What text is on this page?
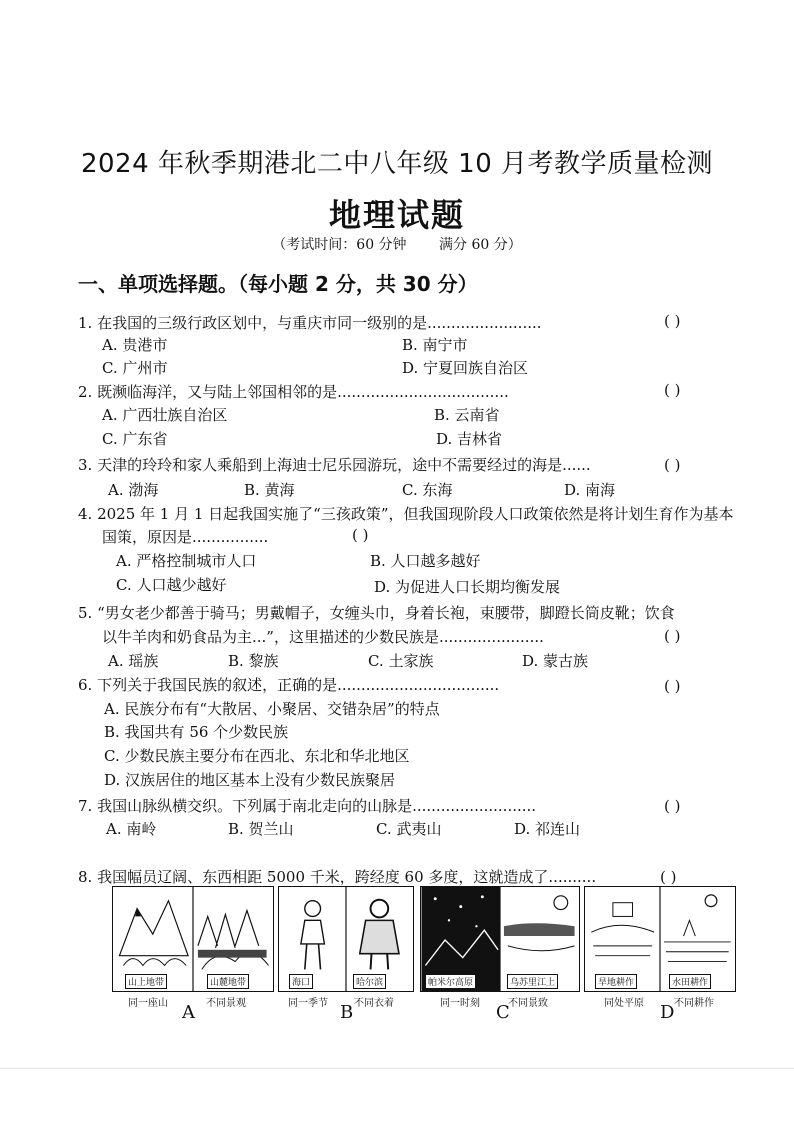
2024 年秋季期港北二中八年级 10 月考教学质量检测
地理试题
（考试时间：60 分钟 满分 60 分）
一、单项选择题。（每小题 2 分，共 30 分）
1. 在我国的三级行政区划中，与重庆市同一级别的是........................	( )
A. 贵港市	B. 南宁市
C. 广州市	D. 宁夏回族自治区
2. 既濒临海洋，又与陆上邻国相邻的是....................................	( )
A. 广西壮族自治区	B. 云南省
C. 广东省	D. 吉林省
3. 天津的玲玲和家人乘船到上海迪士尼乐园游玩，途中不需要经过的海是......	( )
A. 渤海	B. 黄海	C. 东海	D. 南海
4. 2025 年 1 月 1 日起我国实施了“三孩政策”，但我国现阶段人口政策依然是将计划生育作为基本
国策，原因是................	( )
A. 严格控制城市人口	B. 人口越多越好
C. 人口越少越好	D. 为促进人口长期均衡发展
5. “男女老少都善于骑马；男戴帽子，女缠头巾，身着长袍，束腰带，脚蹬长筒皮靴；饮食
以牛羊肉和奶食品为主...”，这里描述的少数民族是......................	( )
A. 瑶族	B. 黎族	C. 土家族	D. 蒙古族
6. 下列关于我国民族的叙述，正确的是..................................	( )
A. 民族分布有“大散居、小聚居、交错杂居”的特点
B. 我国共有 56 个少数民族
C. 少数民族主要分布在西北、东北和华北地区
D. 汉族居住的地区基本上没有少数民族聚居
7. 我国山脉纵横交织。下列属于南北走向的山脉是..........................	( )
A. 南岭	B. 贺兰山	C. 武夷山	D. 祁连山
8. 我国幅员辽阔、东西相距 5000 千米，跨经度 60 多度，这就造成了..........	( )
山上地带	山麓地带	海口	哈尔滨	帕米尔高原	乌苏里江上	旱地耕作	水田耕作
同一座山	不同景观	同一季节	不同衣着	同一时刻	不同景致	同处平原	不同耕作
A	B	C	D
